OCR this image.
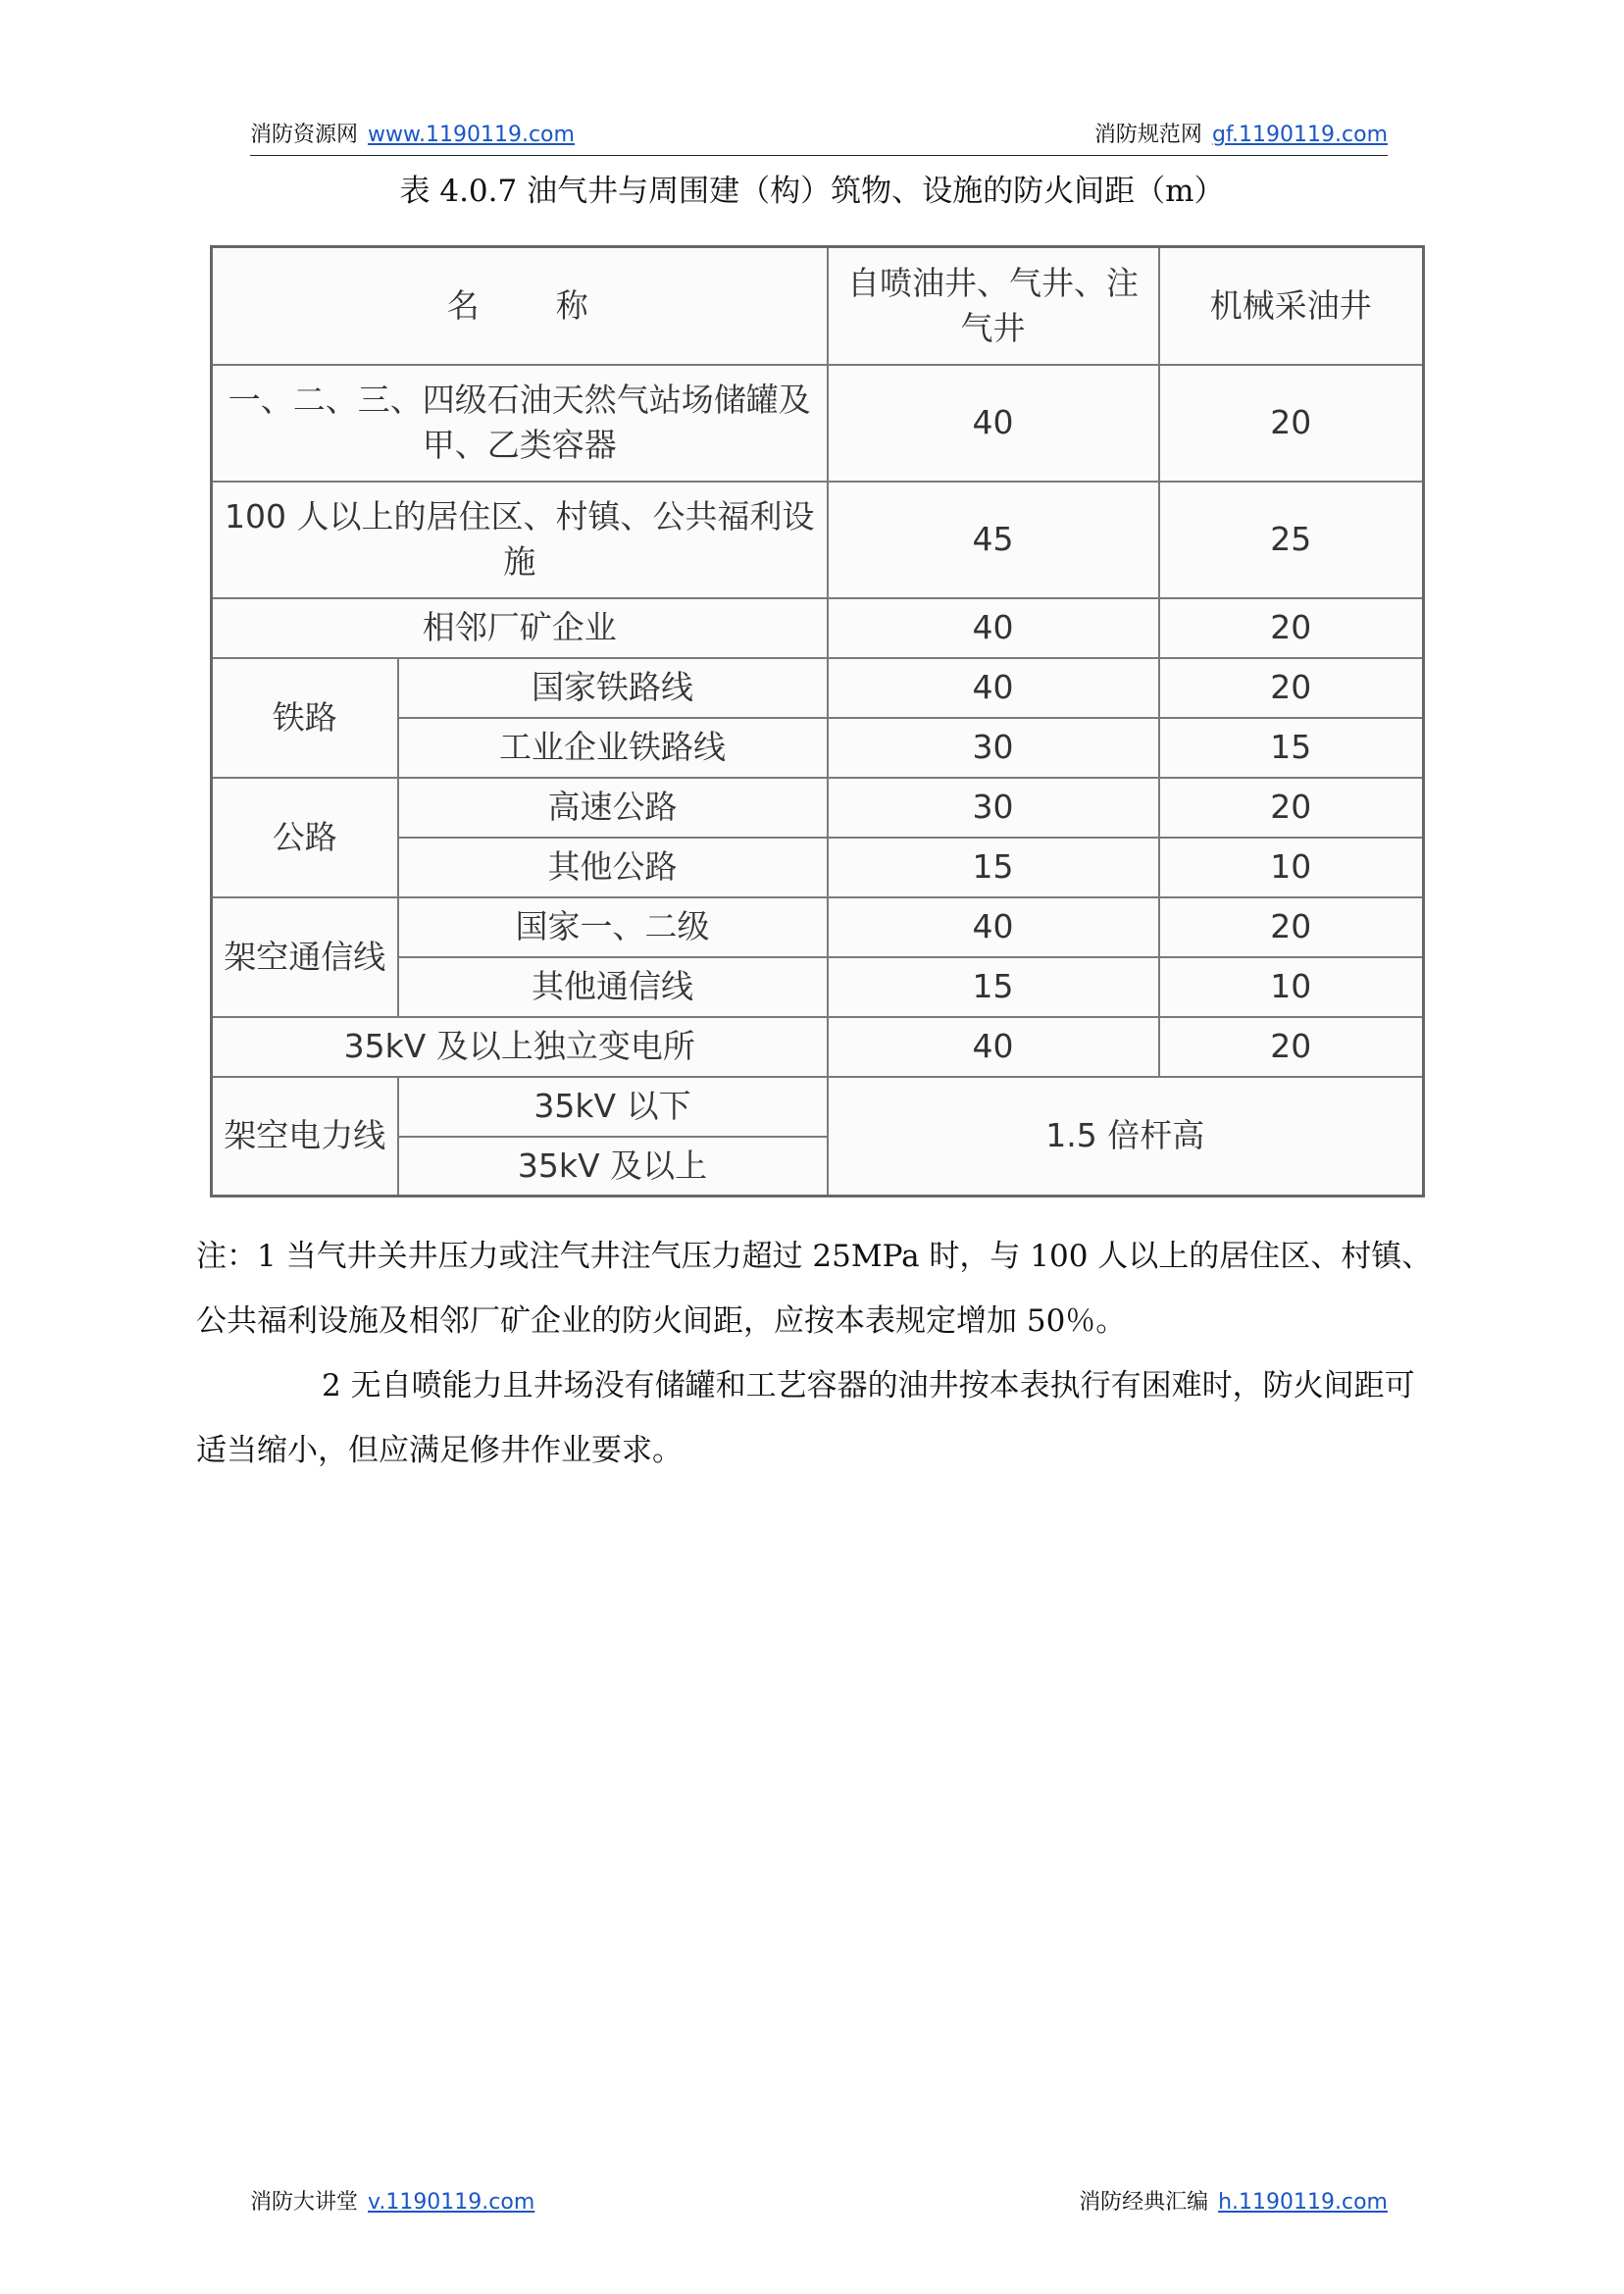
消防资源网 www.1190119.com	消防规范网 gf.1190119.com
表 4.0.7 油气井与周围建（构）筑物、设施的防火间距（m）
名　　称		自喷油井、气井、注气井	机械采油井
一、二、三、四级石油天然气站场储罐及甲、乙类容器		40	20
100 人以上的居住区、村镇、公共福利设施		45	25
相邻厂矿企业		40	20
铁路	国家铁路线	40	20
	工业企业铁路线	30	15
公路	高速公路	30	20
	其他公路	15	10
架空通信线	国家一、二级	40	20
	其他通信线	15	10
35kV 及以上独立变电所		40	20
架空电力线	35kV 以下	1.5 倍杆高	
	35kV 及以上		

注：1 当气井关井压力或注气井注气压力超过 25MPa 时，与 100 人以上的居住区、村镇、公共福利设施及相邻厂矿企业的防火间距，应按本表规定增加 50％。

2 无自喷能力且井场没有储罐和工艺容器的油井按本表执行有困难时，防火间距可适当缩小，但应满足修井作业要求。

消防大讲堂 v.1190119.com	消防经典汇编 h.1190119.com
